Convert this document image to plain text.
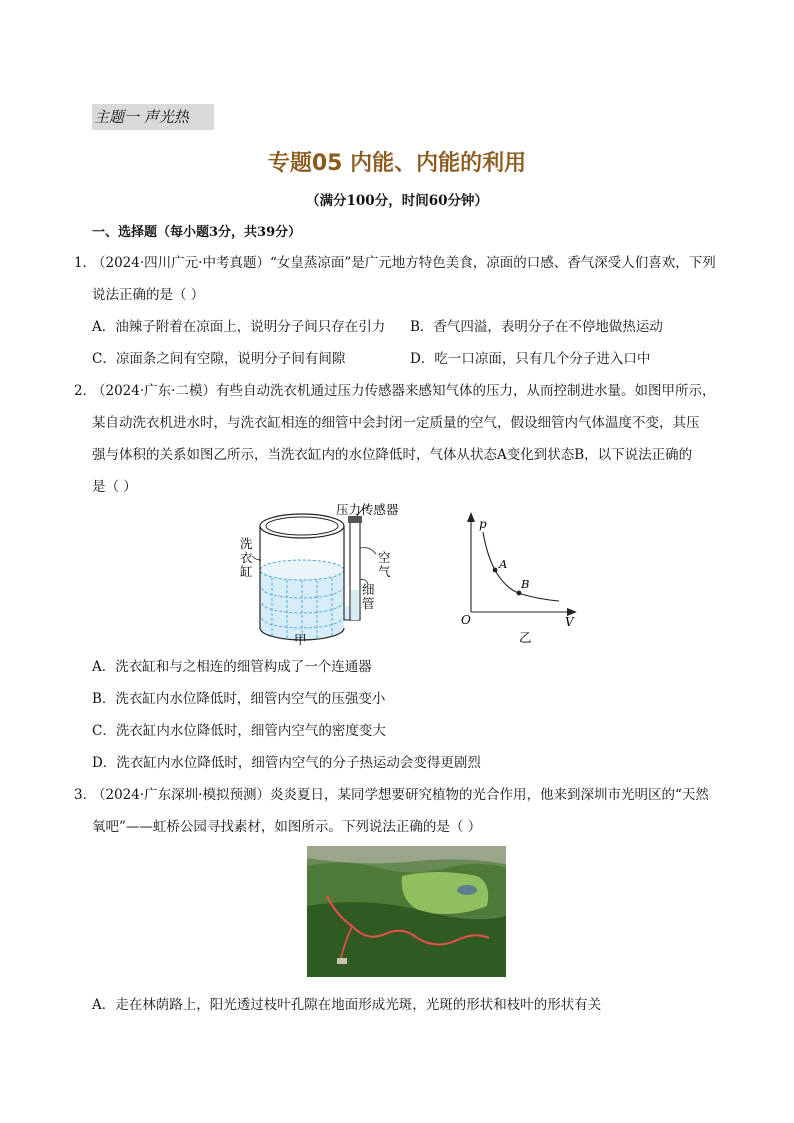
主题一 声光热
专题05 内能、内能的利用
（满分100分，时间60分钟）
一、选择题（每小题3分，共39分）
1．
（2024·四川广元·中考真题）“女皇蒸凉面”是广元地方特色美食，凉面的口感、香气深受人们喜欢，下列
说法正确的是（ ）
A．油辣子附着在凉面上，说明分子间只存在引力 B．香气四溢，表明分子在不停地做热运动
C．凉面条之间有空隙，说明分子间有间隙	D．吃一口凉面，只有几个分子进入口中
2．
（2024·广东·二模）有些自动洗衣机通过压力传感器来感知气体的压力，从而控制进水量。如图甲所示，
某自动洗衣机进水时，与洗衣缸相连的细管中会封闭一定质量的空气，假设细管内气体温度不变，其压
强与体积的关系如图乙所示，当洗衣缸内的水位降低时，气体从状态A变化到状态B，以下说法正确的
是（ ）
压力传感器
洗
衣
缸
空
气
细
管
甲
p
V
O
A
B
乙
A．洗衣缸和与之相连的细管构成了一个连通器
B．洗衣缸内水位降低时，细管内空气的压强变小
C．洗衣缸内水位降低时，细管内空气的密度变大
D．洗衣缸内水位降低时，细管内空气的分子热运动会变得更剧烈
3．
（2024·广东深圳·模拟预测）炎炎夏日，某同学想要研究植物的光合作用，他来到深圳市光明区的“天然
氧吧”——虹桥公园寻找素材，如图所示。下列说法正确的是（ ）
A．走在林荫路上，阳光透过枝叶孔隙在地面形成光斑，光斑的形状和枝叶的形状有关
